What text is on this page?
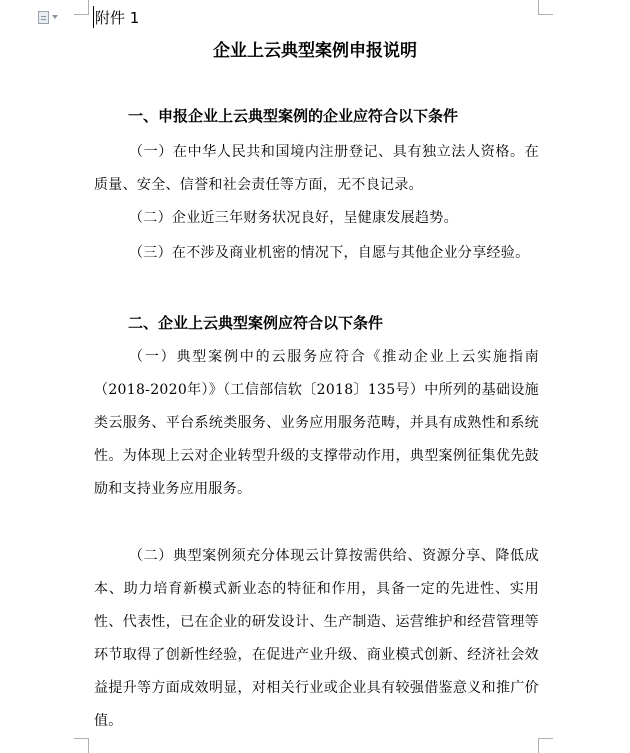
附件 1
企业上云典型案例申报说明
一、申报企业上云典型案例的企业应符合以下条件

（一）在中华人民共和国境内注册登记、具有独立法人资格。在质量、安全、信誉和社会责任等方面，无不良记录。

（二）企业近三年财务状况良好，呈健康发展趋势。

（三）在不涉及商业机密的情况下，自愿与其他企业分享经验。

二、企业上云典型案例应符合以下条件

（一）典型案例中的云服务应符合《推动企业上云实施指南（2018-2020年）》（工信部信软〔2018〕135号）中所列的基础设施类云服务、平台系统类服务、业务应用服务范畴，并具有成熟性和系统性。为体现上云对企业转型升级的支撑带动作用，典型案例征集优先鼓励和支持业务应用服务。

（二）典型案例须充分体现云计算按需供给、资源分享、降低成本、助力培育新模式新业态的特征和作用，具备一定的先进性、实用性、代表性，已在企业的研发设计、生产制造、运营维护和经营管理等环节取得了创新性经验，在促进产业升级、商业模式创新、经济社会效益提升等方面成效明显，对相关行业或企业具有较强借鉴意义和推广价值。
